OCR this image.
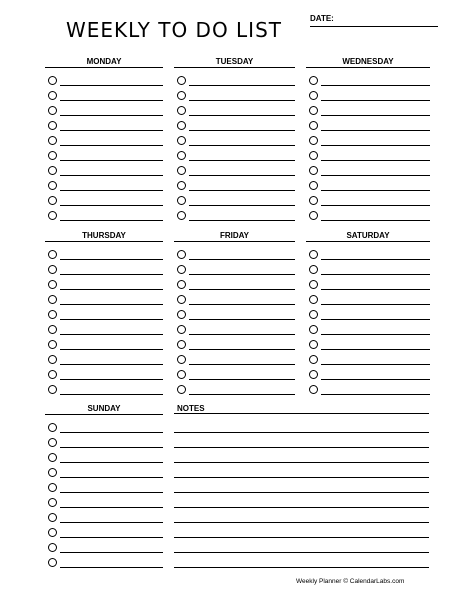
WEEKLY TO DO LIST	DATE:
MONDAY	TUESDAY	WEDNESDAY
THURSDAY	FRIDAY	SATURDAY
SUNDAY	NOTES
Weekly Planner © CalendarLabs.com
